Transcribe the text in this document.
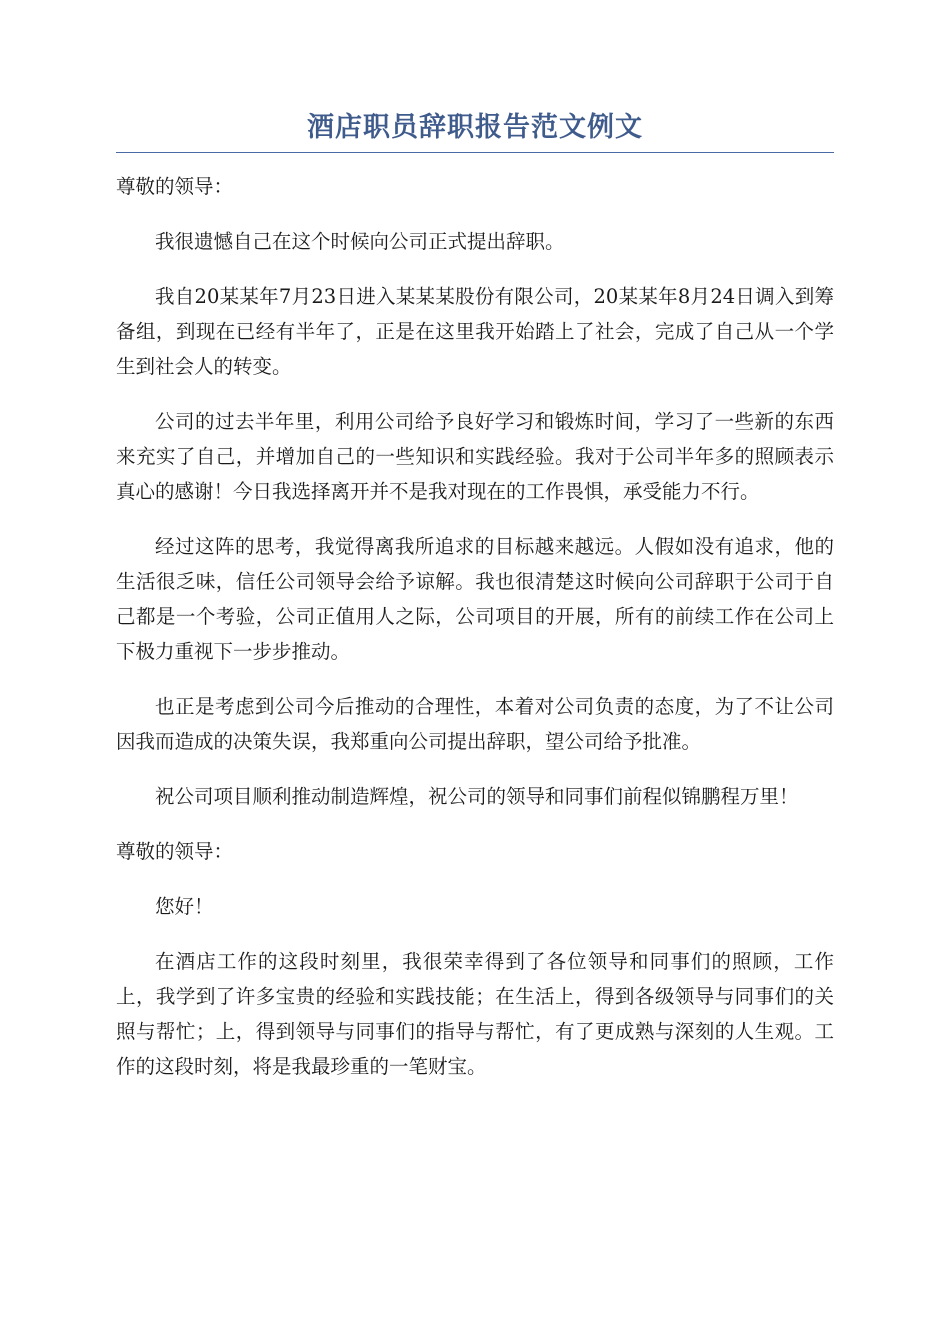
酒店职员辞职报告范文例文

尊敬的领导：

我很遗憾自己在这个时候向公司正式提出辞职。

我自20某某年7月23日进入某某某股份有限公司，20某某年8月24日调入到筹备组，到现在已经有半年了，正是在这里我开始踏上了社会，完成了自己从一个学生到社会人的转变。

公司的过去半年里，利用公司给予良好学习和锻炼时间，学习了一些新的东西来充实了自己，并增加自己的一些知识和实践经验。我对于公司半年多的照顾表示真心的感谢！今日我选择离开并不是我对现在的工作畏惧，承受能力不行。

经过这阵的思考，我觉得离我所追求的目标越来越远。人假如没有追求，他的生活很乏味，信任公司领导会给予谅解。我也很清楚这时候向公司辞职于公司于自己都是一个考验，公司正值用人之际，公司项目的开展，所有的前续工作在公司上下极力重视下一步步推动。

也正是考虑到公司今后推动的合理性，本着对公司负责的态度，为了不让公司因我而造成的决策失误，我郑重向公司提出辞职，望公司给予批准。

祝公司项目顺利推动制造辉煌，祝公司的领导和同事们前程似锦鹏程万里！

尊敬的领导：

您好！

在酒店工作的这段时刻里，我很荣幸得到了各位领导和同事们的照顾，工作上，我学到了许多宝贵的经验和实践技能；在生活上，得到各级领导与同事们的关照与帮忙；上，得到领导与同事们的指导与帮忙，有了更成熟与深刻的人生观。工作的这段时刻，将是我最珍重的一笔财宝。
